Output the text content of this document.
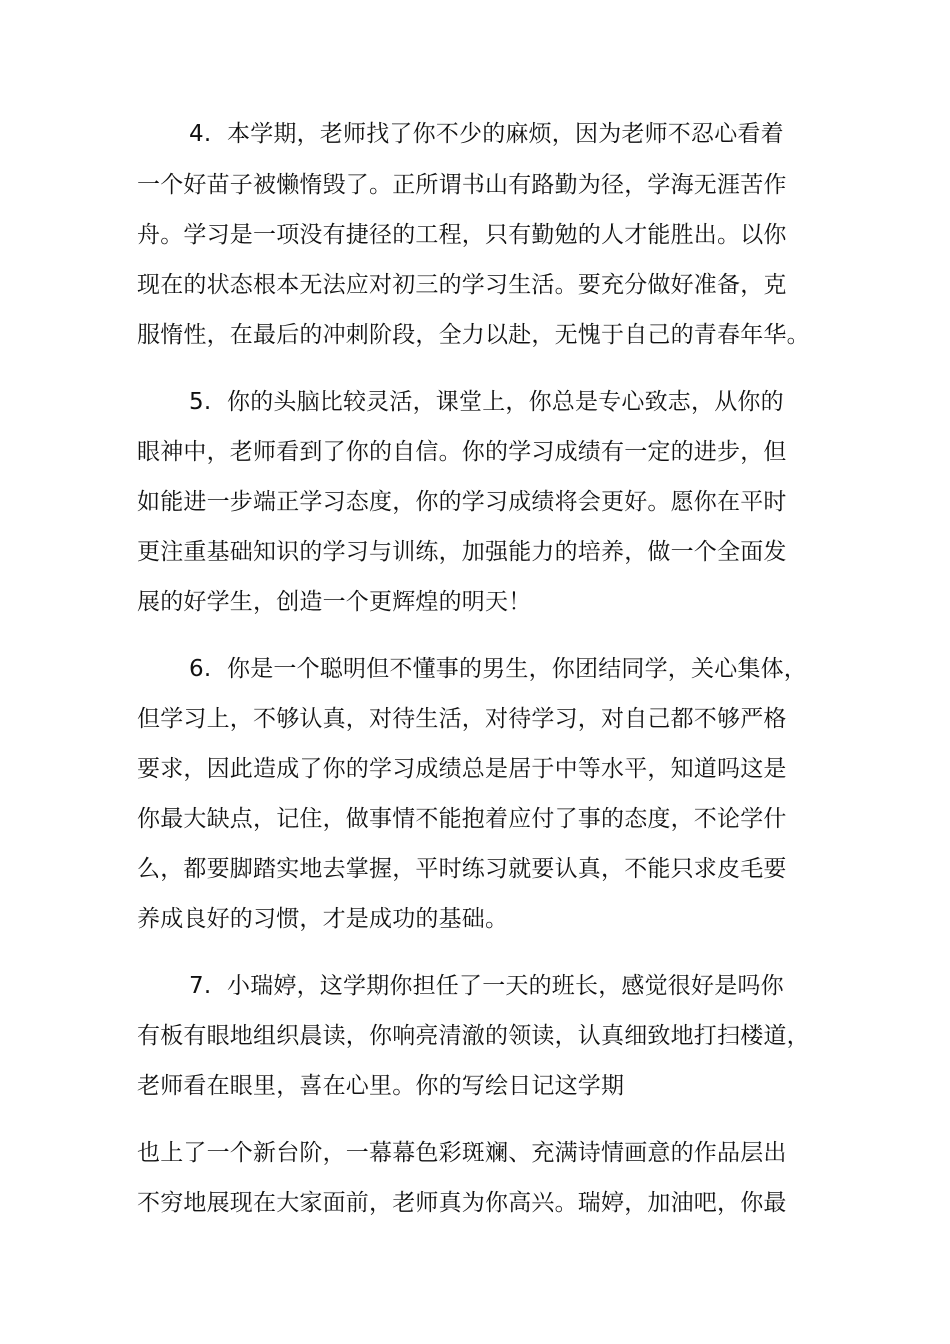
4. 本学期，老师找了你不少的麻烦，因为老师不忍心看着
一个好苗子被懒惰毁了。正所谓书山有路勤为径，学海无涯苦作
舟。学习是一项没有捷径的工程，只有勤勉的人才能胜出。以你
现在的状态根本无法应对初三的学习生活。要充分做好准备，克
服惰性，在最后的冲刺阶段，全力以赴，无愧于自己的青春年华。
5. 你的头脑比较灵活，课堂上，你总是专心致志，从你的
眼神中，老师看到了你的自信。你的学习成绩有一定的进步，但
如能进一步端正学习态度，你的学习成绩将会更好。愿你在平时
更注重基础知识的学习与训练，加强能力的培养，做一个全面发
展的好学生，创造一个更辉煌的明天！
6. 你是一个聪明但不懂事的男生，你团结同学，关心集体，
但学习上，不够认真，对待生活，对待学习，对自己都不够严格
要求，因此造成了你的学习成绩总是居于中等水平，知道吗这是
你最大缺点，记住，做事情不能抱着应付了事的态度，不论学什
么，都要脚踏实地去掌握，平时练习就要认真，不能只求皮毛要
养成良好的习惯，才是成功的基础。
7. 小瑞婷，这学期你担任了一天的班长，感觉很好是吗你
有板有眼地组织晨读，你响亮清澈的领读，认真细致地打扫楼道，
老师看在眼里，喜在心里。你的写绘日记这学期
也上了一个新台阶，一幕幕色彩斑斓、充满诗情画意的作品层出
不穷地展现在大家面前，老师真为你高兴。瑞婷，加油吧，你最
